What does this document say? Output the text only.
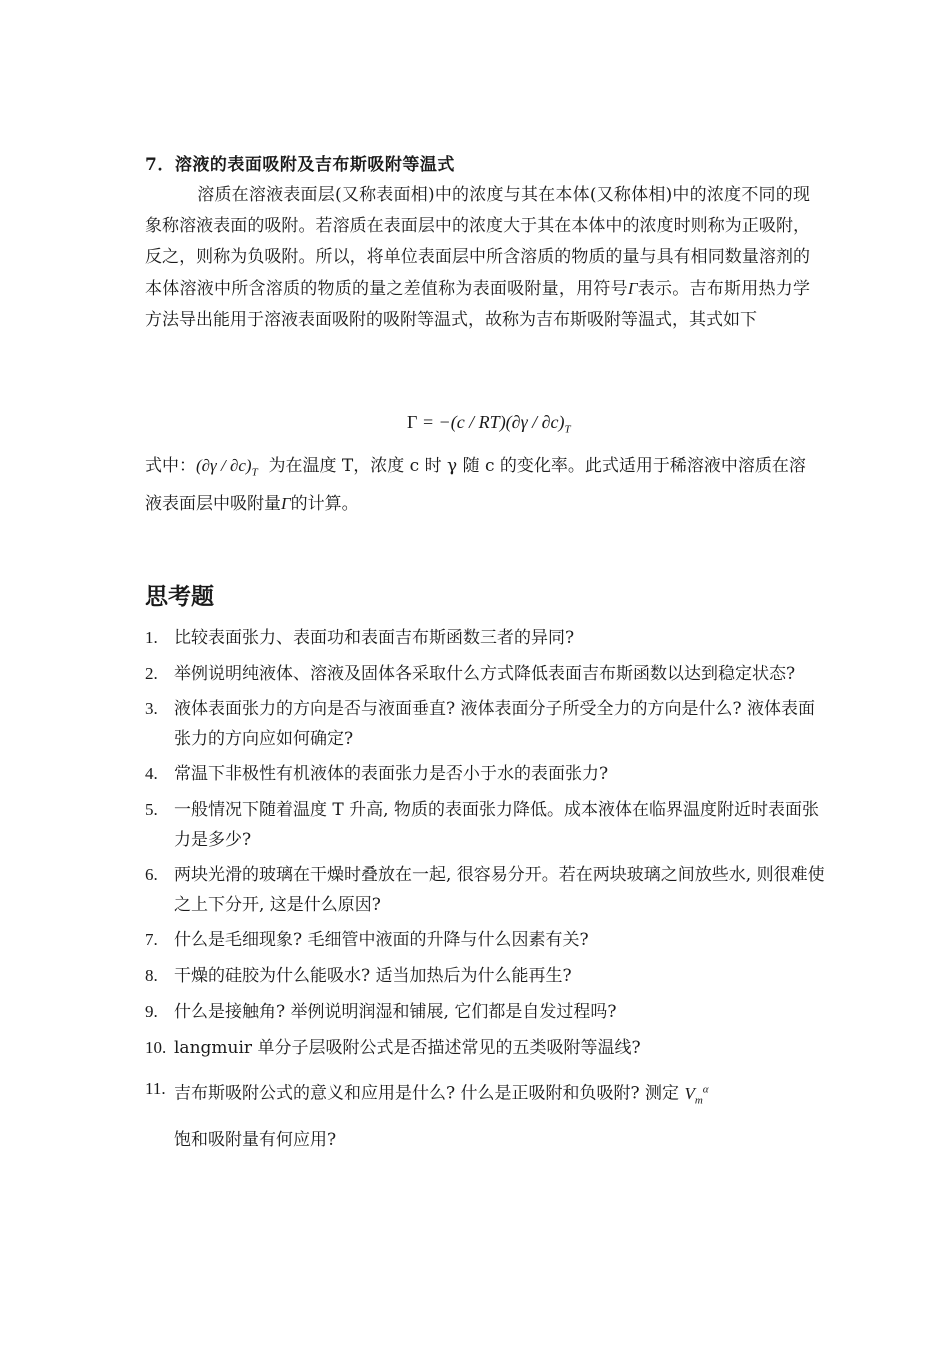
7．溶液的表面吸附及吉布斯吸附等温式
溶质在溶液表面层(又称表面相)中的浓度与其在本体(又称体相)中的浓度不同的现象称溶液表面的吸附。若溶质在表面层中的浓度大于其在本体中的浓度时则称为正吸附，反之，则称为负吸附。所以，将单位表面层中所含溶质的物质的量与具有相同数量溶剂的本体溶液中所含溶质的物质的量之差值称为表面吸附量，用符号Γ表示。吉布斯用热力学方法导出能用于溶液表面吸附的吸附等温式，故称为吉布斯吸附等温式，其式如下
$\Gamma = -(c / RT)(\partial\gamma / \partial c)_T$
式中：$(\partial\gamma / \partial c)_T$ 为在温度 T，浓度 c 时 γ 随 c 的变化率。此式适用于稀溶液中溶质在溶液表面层中吸附量Γ的计算。
思考题
1. 比较表面张力、表面功和表面吉布斯函数三者的异同?
2. 举例说明纯液体、溶液及固体各采取什么方式降低表面吉布斯函数以达到稳定状态?
3. 液体表面张力的方向是否与液面垂直? 液体表面分子所受全力的方向是什么? 液体表面张力的方向应如何确定?
4. 常温下非极性有机液体的表面张力是否小于水的表面张力?
5. 一般情况下随着温度 T 升高, 物质的表面张力降低。成本液体在临界温度附近时表面张力是多少?
6. 两块光滑的玻璃在干燥时叠放在一起, 很容易分开。若在两块玻璃之间放些水, 则很难使之上下分开, 这是什么原因?
7. 什么是毛细现象? 毛细管中液面的升降与什么因素有关?
8. 干燥的硅胶为什么能吸水? 适当加热后为什么能再生?
9. 什么是接触角? 举例说明润湿和铺展, 它们都是自发过程吗?
10. langmuir 单分子层吸附公式是否描述常见的五类吸附等温线?
11. 吉布斯吸附公式的意义和应用是什么? 什么是正吸附和负吸附? 测定 $V_m^\alpha$
饱和吸附量有何应用?
